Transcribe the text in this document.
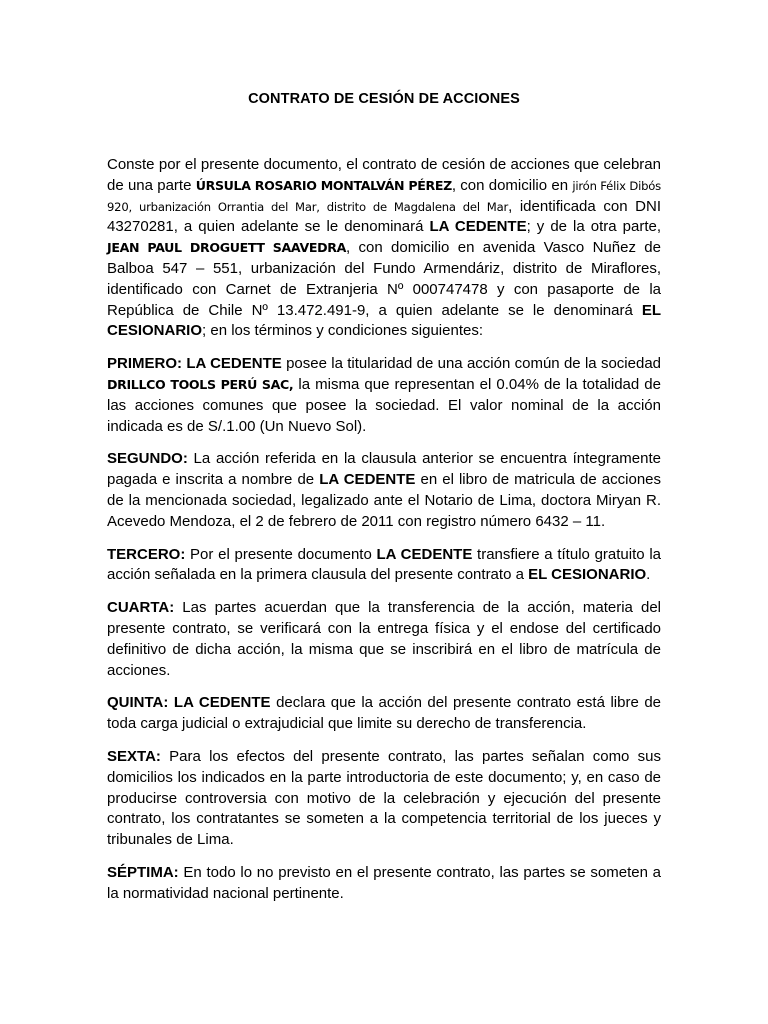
CONTRATO DE CESIÓN DE ACCIONES

Conste por el presente documento, el contrato de cesión de acciones que celebran de una parte ÚRSULA ROSARIO MONTALVÁN PÉREZ, con domicilio en jirón Félix Dibós 920, urbanización Orrantia del Mar, distrito de Magdalena del Mar, identificada con DNI 43270281, a quien adelante se le denominará LA CEDENTE; y de la otra parte, JEAN PAUL DROGUETT SAAVEDRA, con domicilio en avenida Vasco Nuñez de Balboa 547 – 551, urbanización del Fundo Armendáriz, distrito de Miraflores, identificado con Carnet de Extranjeria Nº 000747478 y con pasaporte de la República de Chile Nº 13.472.491-9, a quien adelante se le denominará EL CESIONARIO; en los términos y condiciones siguientes:

PRIMERO: LA CEDENTE posee la titularidad de una acción común de la sociedad DRILLCO TOOLS PERÚ SAC, la misma que representan el 0.04% de la totalidad de las acciones comunes que posee la sociedad. El valor nominal de la acción indicada es de S/.1.00 (Un Nuevo Sol).

SEGUNDO: La acción referida en la clausula anterior se encuentra íntegramente pagada e inscrita a nombre de LA CEDENTE en el libro de matricula de acciones de la mencionada sociedad, legalizado ante el Notario de Lima, doctora Miryan R. Acevedo Mendoza, el 2 de febrero de 2011 con registro número 6432 – 11.

TERCERO: Por el presente documento LA CEDENTE transfiere a título gratuito la acción señalada en la primera clausula del presente contrato a EL CESIONARIO.

CUARTA: Las partes acuerdan que la transferencia de la acción, materia del presente contrato, se verificará con la entrega física y el endose del certificado definitivo de dicha acción, la misma que se inscribirá en el libro de matrícula de acciones.

QUINTA: LA CEDENTE declara que la acción del presente contrato está libre de toda carga judicial o extrajudicial que limite su derecho de transferencia.

SEXTA: Para los efectos del presente contrato, las partes señalan como sus domicilios los indicados en la parte introductoria de este documento; y, en caso de producirse controversia con motivo de la celebración y ejecución del presente contrato, los contratantes se someten a la competencia territorial de los jueces y tribunales de Lima.

SÉPTIMA: En todo lo no previsto en el presente contrato, las partes se someten a la normatividad nacional pertinente.
